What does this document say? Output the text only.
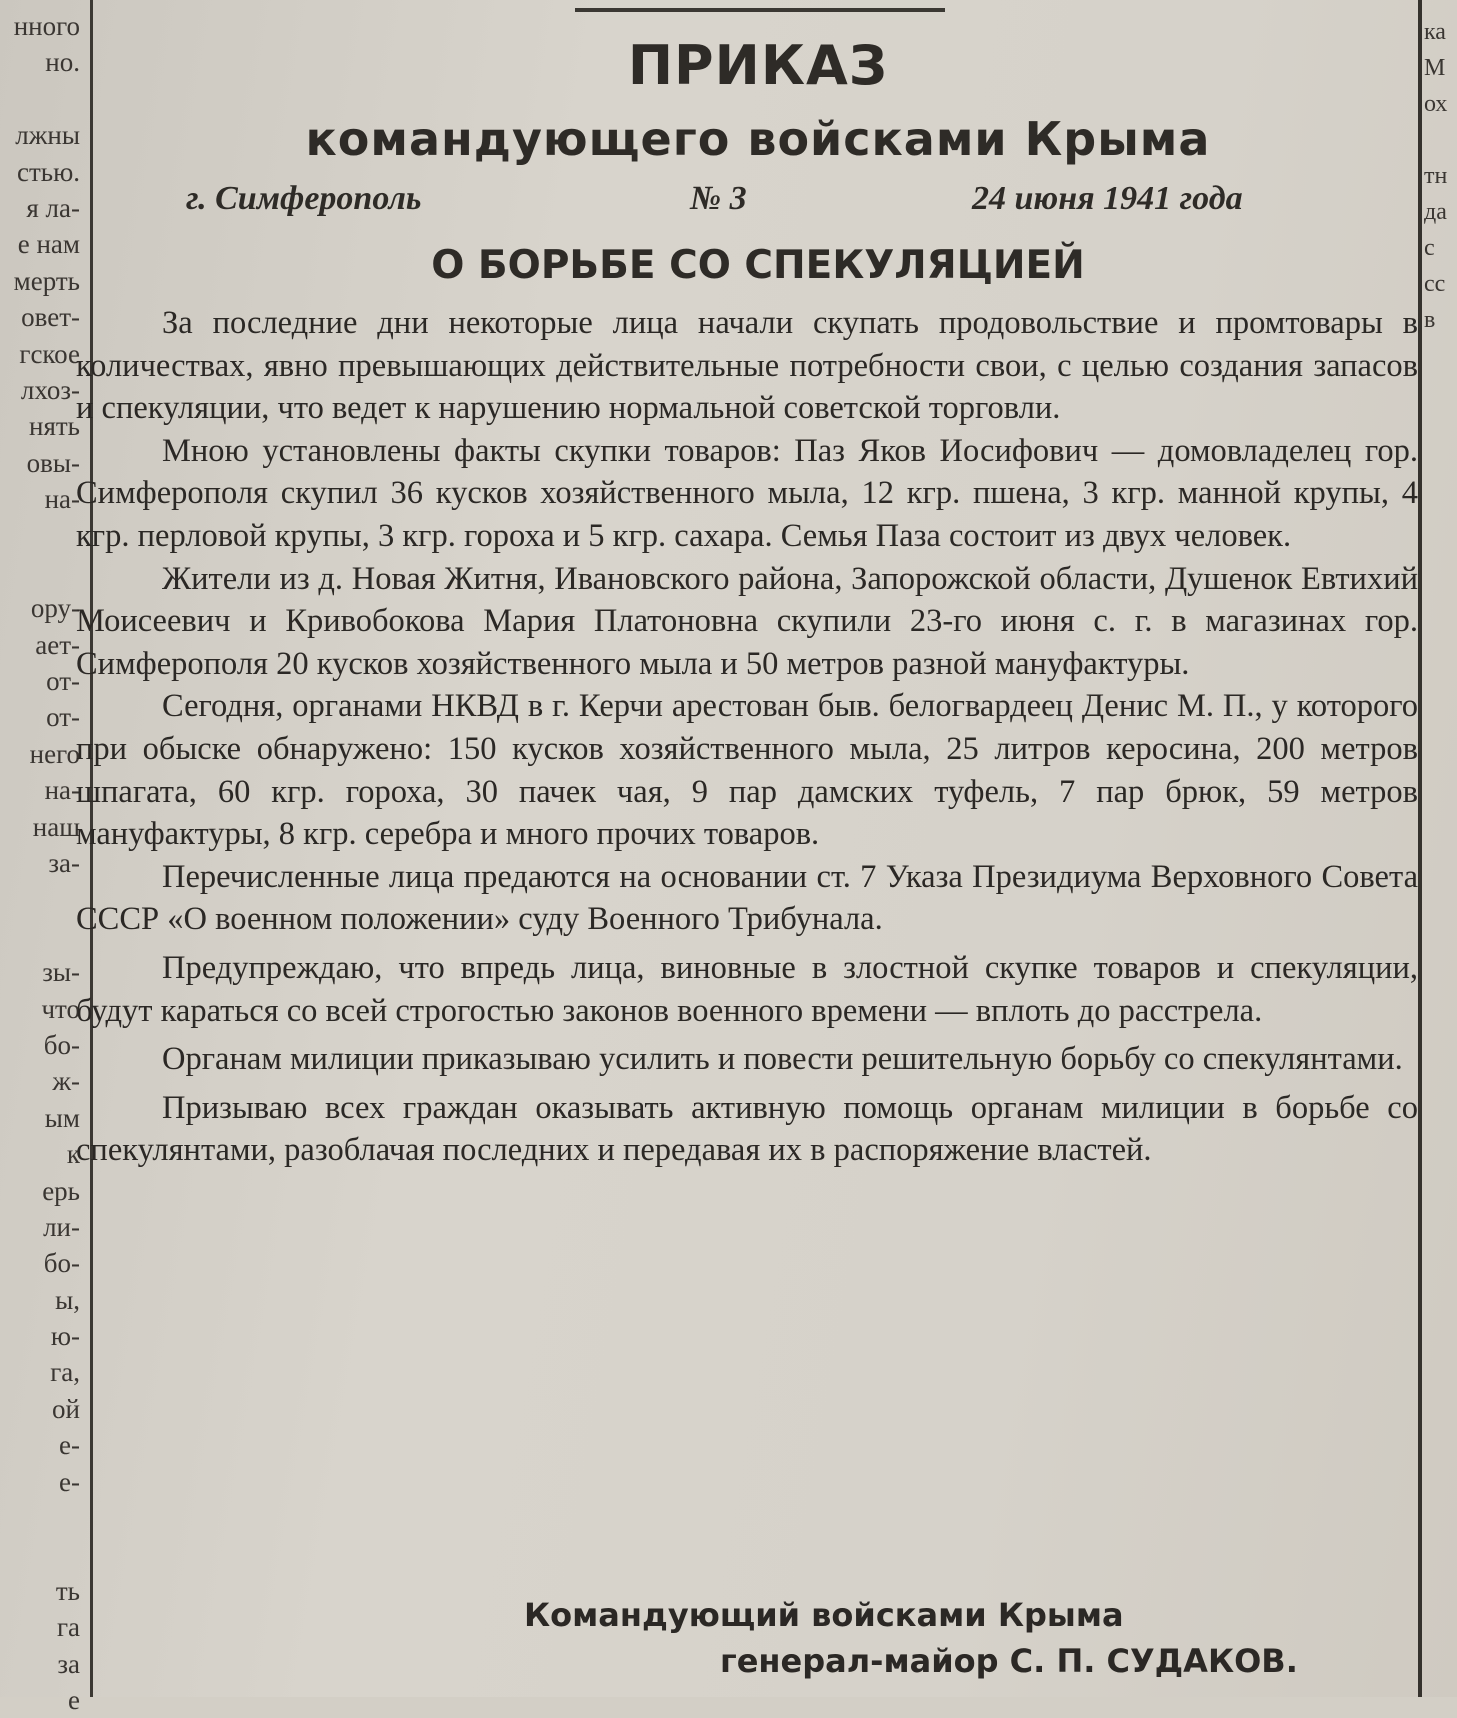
нного
но.
лжны
стью.
я ла-
е нам
мерть
овет-
гское
лхоз-
нять
овы-
на-
ору-
ает-
от-
от-
него
на-
наш
за-
зы-
что
бо-
ж-
ым
к
ерь
ли-
бо-
ы,
ю-
га,
ой
е-
е-
ть
га
за
е
ка
М
ох
тн
да
с
сс
в
ПРИКАЗ
командующего войсками Крыма
г. Симферополь	№ 3	24 июня 1941 года
О БОРЬБЕ СО СПЕКУЛЯЦИЕЙ

За последние дни некоторые лица начали скупать продовольствие и промтовары в количествах, явно превышающих действительные потребности свои, с целью создания запасов и спекуляции, что ведет к нарушению нормальной советской торговли.

Мною установлены факты скупки товаров: Паз Яков Иосифович — домовладелец гор. Симферополя скупил 36 кусков хозяйственного мыла, 12 кгр. пшена, 3 кгр. манной крупы, 4 кгр. перловой крупы, 3 кгр. гороха и 5 кгр. сахара. Семья Паза состоит из двух человек.

Жители из д. Новая Житня, Ивановского района, Запорожской области, Душенок Евтихий Моисеевич и Кривобокова Мария Платоновна скупили 23-го июня с. г. в магазинах гор. Симферополя 20 кусков хозяйственного мыла и 50 метров разной мануфактуры.

Сегодня, органами НКВД в г. Керчи арестован быв. белогвардеец Денис М. П., у которого при обыске обнаружено: 150 кусков хозяйственного мыла, 25 литров керосина, 200 метров шпагата, 60 кгр. гороха, 30 пачек чая, 9 пар дамских туфель, 7 пар брюк, 59 метров мануфактуры, 8 кгр. серебра и много прочих товаров.

Перечисленные лица предаются на основании ст. 7 Указа Президиума Верховного Совета СССР «О военном положении» суду Военного Трибунала.

Предупреждаю, что впредь лица, виновные в злостной скупке товаров и спекуляции, будут караться со всей строгостью законов военного времени — вплоть до расстрела.

Органам милиции приказываю усилить и повести решительную борьбу со спекулянтами.

Призываю всех граждан оказывать активную помощь органам милиции в борьбе со спекулянтами, разоблачая последних и передавая их в распоряжение властей.

Командующий войсками Крыма
генерал-майор С. П. СУДАКОВ.
